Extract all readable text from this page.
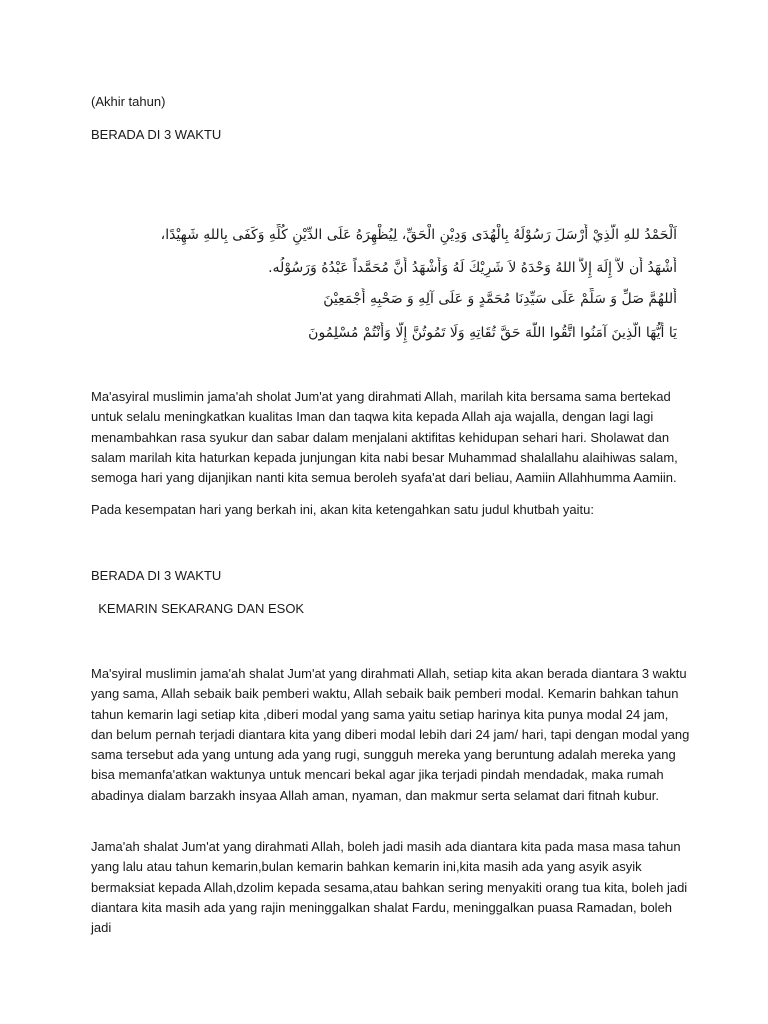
(Akhir tahun)
BERADA DI 3 WAKTU
اَلْحَمْدُ للهِ الَّذِيْ أَرْسَلَ رَسُوْلَهُ بِالْهُدَى وَدِيْنِ الْحَقِّ، لِيُظْهِرَهُ عَلَى الدِّيْنِ كُلِّهِ وَكَفَى بِاللهِ شَهِيْدًا،
أَشْهَدُ أَن لاَّ إِلَهَ إِلاَّ اللهُ وَحْدَهُ لاَ شَرِيْكَ لَهُ وَأَشْهَدُ أَنَّ مُحَمَّداً عَبْدُهُ وَرَسُوْلُه.
أَللهُمَّ صَلِّ وَ سَلِّمْ عَلَى سَيِّدِنَا مُحَمَّدٍ وَ عَلَى آلِهِ وَ صَحْبِهِ أَجْمَعِيْنَ
يَا أَيُّهَا الَّذِينَ آمَنُوا اتَّقُوا اللَّهَ حَقَّ تُقَاتِهِ وَلَا تَمُوتُنَّ إِلَّا وَأَنْتُمْ مُسْلِمُونَ

Ma'asyiral muslimin jama'ah sholat Jum'at yang dirahmati Allah, marilah kita bersama sama bertekad untuk selalu meningkatkan kualitas Iman dan taqwa kita kepada Allah aja wajalla, dengan lagi lagi menambahkan rasa syukur dan sabar dalam menjalani aktifitas kehidupan sehari hari. Sholawat dan salam marilah kita haturkan kepada junjungan kita nabi besar Muhammad shalallahu alaihiwas salam, semoga hari yang dijanjikan nanti kita semua beroleh syafa'at dari beliau, Aamiin Allahhumma Aamiin.

Pada kesempatan hari yang berkah ini, akan kita ketengahkan satu judul khutbah yaitu:

BERADA DI 3 WAKTU
KEMARIN SEKARANG DAN ESOK

Ma'syiral muslimin jama'ah shalat Jum'at yang dirahmati Allah, setiap kita akan berada diantara 3 waktu yang sama, Allah sebaik baik pemberi waktu, Allah sebaik baik pemberi modal. Kemarin bahkan tahun tahun kemarin lagi setiap kita ,diberi modal yang sama yaitu setiap harinya kita punya modal 24 jam, dan belum pernah terjadi diantara kita yang diberi modal lebih dari 24 jam/ hari, tapi dengan modal yang sama tersebut ada yang untung ada yang rugi, sungguh mereka yang beruntung adalah mereka yang bisa memanfa'atkan waktunya untuk mencari bekal agar jika terjadi pindah mendadak, maka rumah abadinya dialam barzakh insyaa Allah aman, nyaman, dan makmur serta selamat dari fitnah kubur.

Jama'ah shalat Jum'at yang dirahmati Allah, boleh jadi masih ada diantara kita pada masa masa tahun yang lalu atau tahun kemarin,bulan kemarin bahkan kemarin ini,kita masih ada yang asyik asyik bermaksiat kepada Allah,dzolim kepada sesama,atau bahkan sering menyakiti orang tua kita, boleh jadi diantara kita masih ada yang rajin meninggalkan shalat Fardu, meninggalkan puasa Ramadan, boleh jadi
